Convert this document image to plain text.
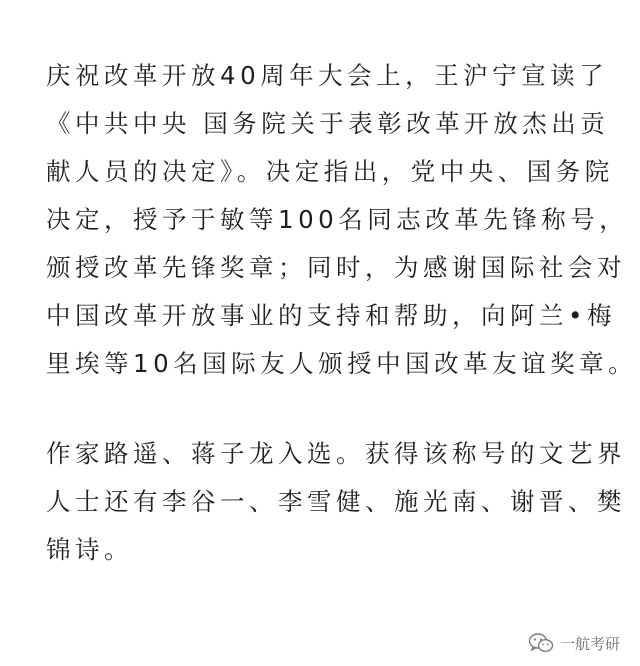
庆祝改革开放40周年大会上，王沪宁宣读了
《中共中央 国务院关于表彰改革开放杰出贡
献人员的决定》。决定指出，党中央、国务院
决定，授予于敏等100名同志改革先锋称号，
颁授改革先锋奖章；同时，为感谢国际社会对
中国改革开放事业的支持和帮助，向阿兰•梅
里埃等10名国际友人颁授中国改革友谊奖章。
作家路遥、蒋子龙入选。获得该称号的文艺界
人士还有李谷一、李雪健、施光南、谢晋、樊
锦诗。
一航考研
